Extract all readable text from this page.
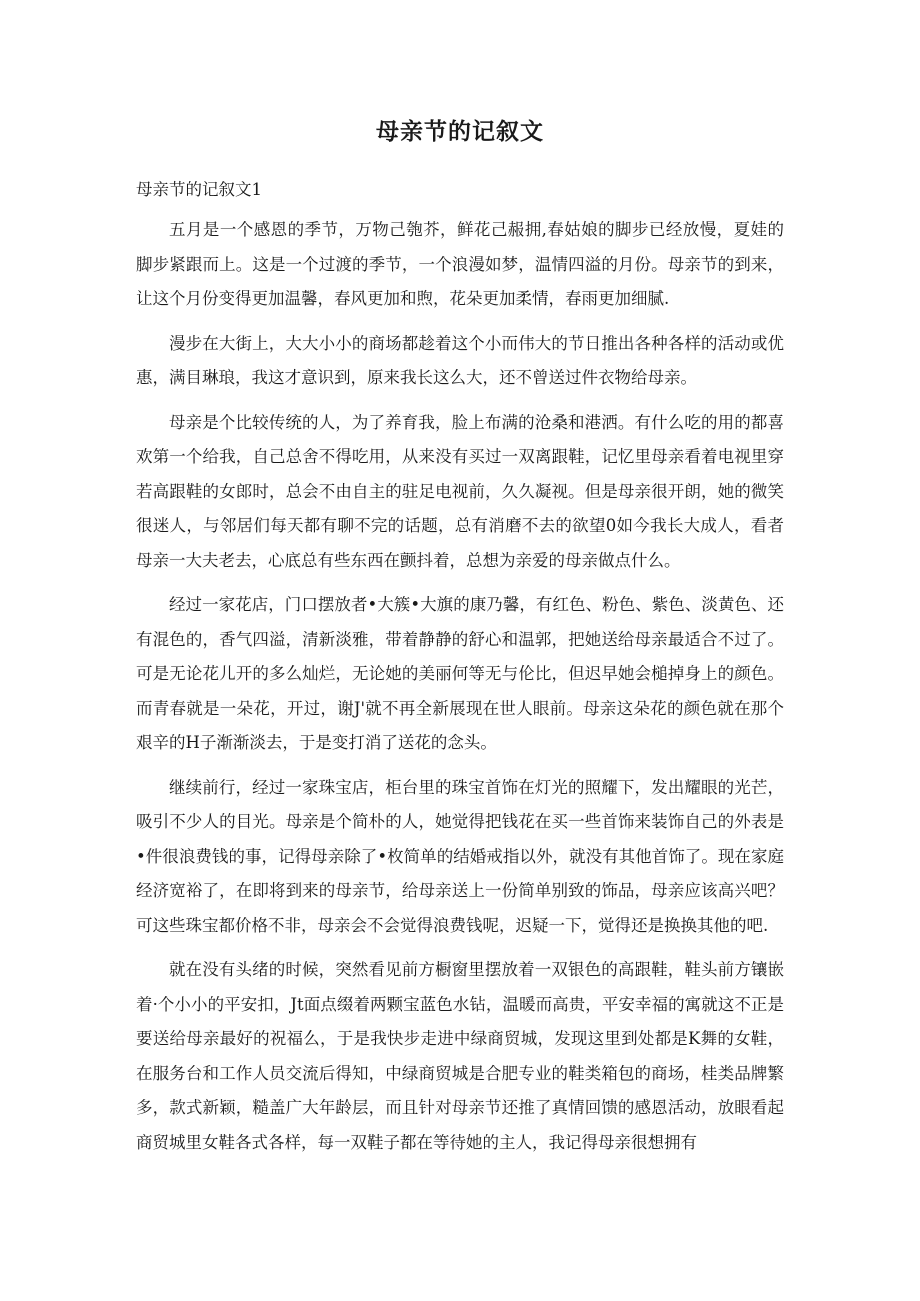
母亲节的记叙文
母亲节的记叙文1

五月是一个感恩的季节，万物己匏芥，鲜花己赧拥,春姑娘的脚步已经放慢，夏娃的脚步紧跟而上。这是一个过渡的季节，一个浪漫如梦，温情四溢的月份。母亲节的到来，让这个月份变得更加温馨，春风更加和煦，花朵更加柔情，春雨更加细腻.

漫步在大街上，大大小小的商场都趁着这个小而伟大的节日推出各种各样的活动或优惠，满目琳琅，我这才意识到，原来我长这么大，还不曾送过件衣物给母亲。

母亲是个比较传统的人，为了养育我，脸上布满的沧桑和港洒。有什么吃的用的都喜欢第一个给我，自己总舍不得吃用，从来没有买过一双离跟鞋，记忆里母亲看着电视里穿若高跟鞋的女郎时，总会不由自主的驻足电视前，久久凝视。但是母亲很开朗，她的微笑很迷人，与邻居们每天都有聊不完的话题，总有消磨不去的欲望0如今我长大成人，看者母亲一大夫老去，心底总有些东西在颤抖着，总想为亲爱的母亲做点什么。

经过一家花店，门口摆放者•大簇•大旗的康乃馨，有红色、粉色、紫色、淡黄色、还有混色的，香气四溢，清新淡雅，带着静静的舒心和温郭，把她送给母亲最适合不过了。可是无论花儿开的多么灿烂，无论她的美丽何等无与伦比，但迟早她会槌掉身上的颜色。而青春就是一朵花，开过，谢J'就不再全新展现在世人眼前。母亲这朵花的颜色就在那个艰辛的H子渐渐淡去，于是变打消了送花的念头。

继续前行，经过一家珠宝店，柜台里的珠宝首饰在灯光的照耀下，发出耀眼的光芒，吸引不少人的目光。母亲是个简朴的人，她觉得把钱花在买一些首饰来装饰自己的外表是•件很浪费钱的事，记得母亲除了•枚简单的结婚戒指以外，就没有其他首饰了。现在家庭经济宽裕了，在即将到来的母亲节，给母亲送上一份简单别致的饰品，母亲应该高兴吧？可这些珠宝都价格不非，母亲会不会觉得浪费钱呢，迟疑一下，觉得还是换换其他的吧.

就在没有头绪的时候，突然看见前方橱窗里摆放着一双银色的高跟鞋，鞋头前方镶嵌着·个小小的平安扣，Jt面点缀着两颗宝蓝色水钻，温暖而高贵，平安幸福的寓就这不正是要送给母亲最好的祝福么，于是我快步走进中绿商贸城，发现这里到处都是K舞的女鞋，在服务台和工作人员交流后得知，中绿商贸城是合肥专业的鞋类箱包的商场，桂类品牌繁多，款式新颖，糙盖广大年龄层，而且针对母亲节还推了真情回馈的感恩活动，放眼看起商贸城里女鞋各式各样，每一双鞋子都在等待她的主人，我记得母亲很想拥有
